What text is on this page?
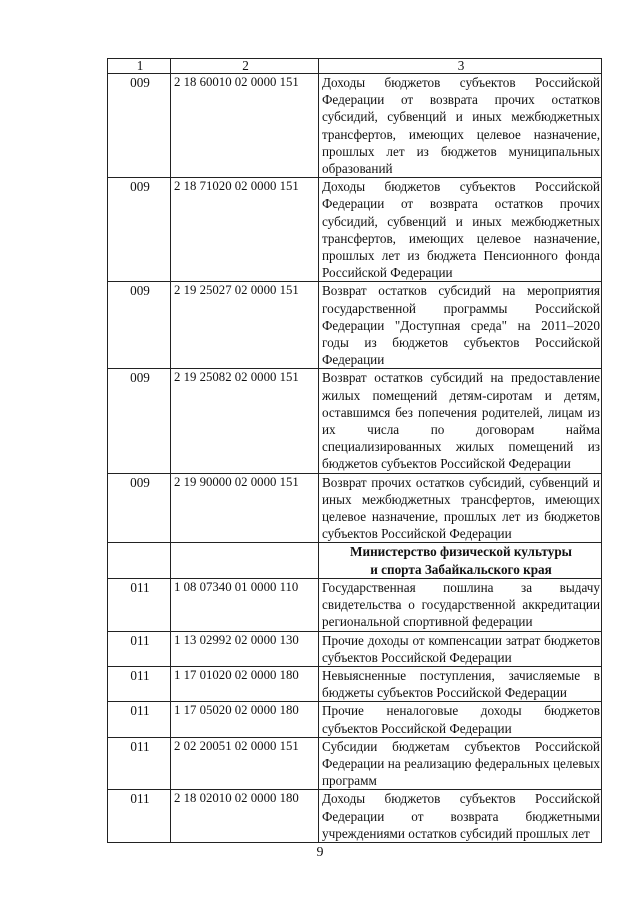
1	2	3
009	2 18 60010 02 0000 151	Доходы бюджетов субъектов Российской Федерации от возврата прочих остатков субсидий, субвенций и иных межбюджетных трансфертов, имеющих целевое назначение, прошлых лет из бюджетов муниципальных образований
009	2 18 71020 02 0000 151	Доходы бюджетов субъектов Российской Федерации от возврата остатков прочих субсидий, субвенций и иных межбюджетных трансфертов, имеющих целевое назначение, прошлых лет из бюджета Пенсионного фонда Российской Федерации
009	2 19 25027 02 0000 151	Возврат остатков субсидий на мероприятия государственной программы Российской Федерации "Доступная среда" на 2011–2020 годы из бюджетов субъектов Российской Федерации
009	2 19 25082 02 0000 151	Возврат остатков субсидий на предоставление жилых помещений детям-сиротам и детям, оставшимся без попечения родителей, лицам из их числа по договорам найма специализированных жилых помещений из бюджетов субъектов Российской Федерации
009	2 19 90000 02 0000 151	Возврат прочих остатков субсидий, субвенций и иных межбюджетных трансфертов, имеющих целевое назначение, прошлых лет из бюджетов субъектов Российской Федерации

		Министерство физической культуры
и спорта Забайкальского края

011	1 08 07340 01 0000 110	Государственная пошлина за выдачу свидетельства о государственной аккредитации региональной спортивной федерации
011	1 13 02992 02 0000 130	Прочие доходы от компенсации затрат бюджетов субъектов Российской Федерации
011	1 17 01020 02 0000 180	Невыясненные поступления, зачисляемые в бюджеты субъектов Российской Федерации
011	1 17 05020 02 0000 180	Прочие неналоговые доходы бюджетов субъектов Российской Федерации
011	2 02 20051 02 0000 151	Субсидии бюджетам субъектов Российской Федерации на реализацию федеральных целевых программ
011	2 18 02010 02 0000 180	Доходы бюджетов субъектов Российской Федерации от возврата бюджетными учреждениями остатков субсидий прошлых лет
9
